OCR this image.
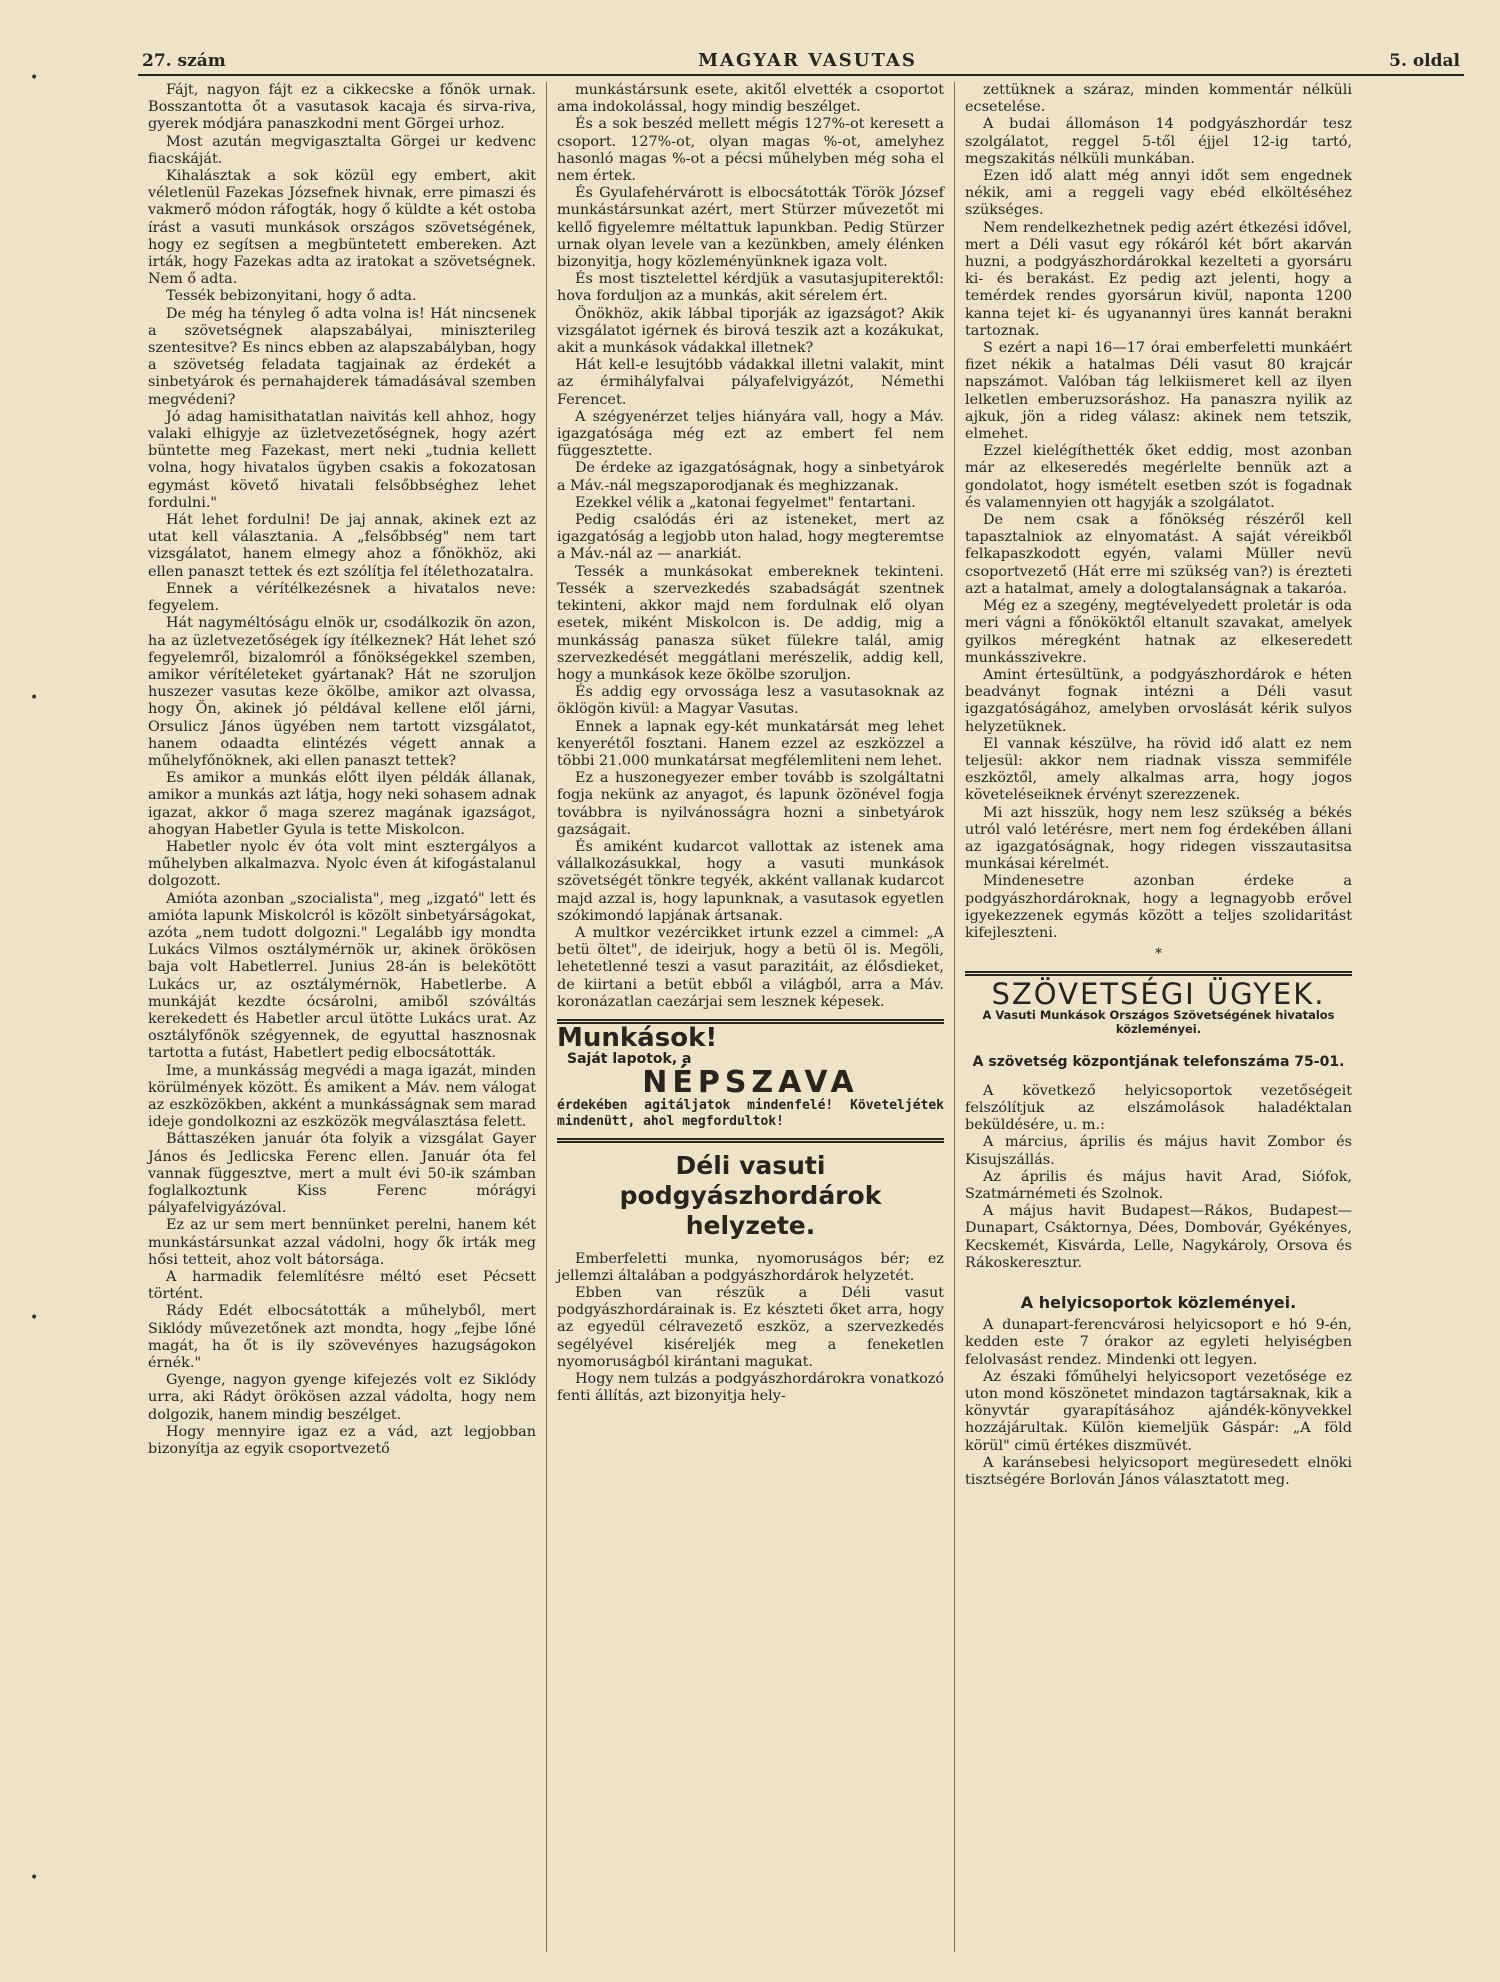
•
•
•
•
27. szám	MAGYAR VASUTAS	5. oldal

Fájt, nagyon fájt ez a cikkecske a főnök urnak. Bosszantotta őt a vasutasok kacaja és sirva-riva, gyerek módjára panaszkodni ment Görgei urhoz.

Most azután megvigasztalta Görgei ur kedvenc fiacskáját.

Kihalásztak a sok közül egy embert, akit véletlenül Fazekas Józsefnek hivnak, erre pimaszi és vakmerő módon ráfogták, hogy ő küldte a két ostoba írást a vasuti munkások országos szövetségének, hogy ez segítsen a megbüntetett embereken. Azt irták, hogy Fazekas adta az iratokat a szövetségnek. Nem ő adta.

Tessék bebizonyitani, hogy ő adta.

De még ha tényleg ő adta volna is! Hát nincsenek a szövetségnek alapszabályai, miniszterileg szentesitve? Es nincs ebben az alapszabályban, hogy a szövetség feladata tagjainak az érdekét a sinbetyárok és pernahajderek támadásával szemben megvédeni?

Jó adag hamisithatatlan naivitás kell ahhoz, hogy valaki elhigyje az üzletvezetőségnek, hogy azért büntette meg Fazekast, mert neki „tudnia kellett volna, hogy hivatalos ügyben csakis a fokozatosan egymást követő hivatali felsőbbséghez lehet fordulni."

Hát lehet fordulni! De jaj annak, akinek ezt az utat kell választania. A „felsőbbség" nem tart vizsgálatot, hanem elmegy ahoz a főnökhöz, aki ellen panaszt tettek és ezt szólítja fel ítélethozatalra.

Ennek a vérítélkezésnek a hivatalos neve: fegyelem.

Hát nagyméltóságu elnök ur, csodálkozik ön azon, ha az üzletvezetőségek így ítélkeznek? Hát lehet szó fegyelemről, bizalomról a főnökségekkel szemben, amikor vérítéleteket gyártanak? Hát ne szoruljon huszezer vasutas keze ökölbe, amikor azt olvassa, hogy Ön, akinek jó példával kellene elől járni, Orsulicz János ügyében nem tartott vizsgálatot, hanem odaadta elintézés végett annak a műhelyfőnöknek, aki ellen panaszt tettek?

Es amikor a munkás előtt ilyen példák állanak, amikor a munkás azt látja, hogy neki sohasem adnak igazat, akkor ő maga szerez magának igazságot, ahogyan Habetler Gyula is tette Miskolcon.

Habetler nyolc év óta volt mint esztergályos a műhelyben alkalmazva. Nyolc éven át kifogástalanul dolgozott.

Amióta azonban „szocialista", meg „izgató" lett és amióta lapunk Miskolcról is közölt sinbetyárságokat, azóta „nem tudott dolgozni." Legalább igy mondta Lukács Vilmos osztálymérnök ur, akinek örökösen baja volt Habetlerrel. Junius 28-án is belekötött Lukács ur, az osztálymérnök, Habetlerbe. A munkáját kezdte ócsárolni, amiből szóváltás kerekedett és Habetler arcul ütötte Lukács urat. Az osztályfőnök szégyennek, de egyuttal hasznosnak tartotta a futást, Habetlert pedig elbocsátották.

Ime, a munkásság megvédi a maga igazát, minden körülmények között. És amikent a Máv. nem válogat az eszközökben, akként a munkásságnak sem marad ideje gondolkozni az eszközök megválasztása felett.

Báttaszéken január óta folyik a vizsgálat Gayer János és Jedlicska Ferenc ellen. Január óta fel vannak függesztve, mert a mult évi 50-ik számban foglalkoztunk Kiss Ferenc mórágyi pályafelvigyázóval.

Ez az ur sem mert bennünket perelni, hanem két munkástársunkat azzal vádolni, hogy ők irták meg hősi tetteit, ahoz volt bátorsága.

A harmadik felemlítésre méltó eset Pécsett történt.

Rády Edét elbocsátották a műhelyből, mert Siklódy művezetőnek azt mondta, hogy „fejbe lőné magát, ha őt is ily szövevényes hazugságokon érnék."

Gyenge, nagyon gyenge kifejezés volt ez Siklódy urra, aki Rádyt örökösen azzal vádolta, hogy nem dolgozik, hanem mindig beszélget.

Hogy mennyire igaz ez a vád, azt legjobban bizonyítja az egyik csoportvezető

munkástársunk esete, akitől elvették a csoportot ama indokolással, hogy mindig beszélget.

És a sok beszéd mellett mégis 127%-ot keresett a csoport. 127%-ot, olyan magas %-ot, amelyhez hasonló magas %-ot a pécsi műhelyben még soha el nem értek.

És Gyulafehérvárott is elbocsátották Török József munkástársunkat azért, mert Stürzer művezetőt mi kellő figyelemre méltattuk lapunkban. Pedig Stürzer urnak olyan levele van a kezünkben, amely élénken bizonyitja, hogy közleményünknek igaza volt.

És most tisztelettel kérdjük a vasutasjupiterektől: hova forduljon az a munkás, akit sérelem ért.

Önökhöz, akik lábbal tiporják az igazságot? Akik vizsgálatot igérnek és birová teszik azt a kozákukat, akit a munkások vádakkal illetnek?

Hát kell-e lesujtóbb vádakkal illetni valakit, mint az érmihályfalvai pályafelvigyázót, Némethi Ferencet.

A szégyenérzet teljes hiányára vall, hogy a Máv. igazgatósága még ezt az embert fel nem függesztette.

De érdeke az igazgatóságnak, hogy a sinbetyárok a Máv.-nál megszaporodjanak és meghizzanak.

Ezekkel vélik a „katonai fegyelmet" fentartani.

Pedig csalódás éri az isteneket, mert az igazgatóság a legjobb uton halad, hogy megteremtse a Máv.-nál az — anarkiát.

Tessék a munkásokat embereknek tekinteni. Tessék a szervezkedés szabadságát szentnek tekinteni, akkor majd nem fordulnak elő olyan esetek, miként Miskolcon is. De addig, mig a munkásság panasza süket fülekre talál, amig szervezkedését meggátlani merészelik, addig kell, hogy a munkások keze ökölbe szoruljon.

És addig egy orvossága lesz a vasutasoknak az öklögön kivül: a Magyar Vasutas.

Ennek a lapnak egy-két munkatársát meg lehet kenyerétől fosztani. Hanem ezzel az eszközzel a többi 21.000 munkatársat megfélemliteni nem lehet.

Ez a huszonegyezer ember tovább is szolgáltatni fogja nekünk az anyagot, és lapunk özönével fogja továbbra is nyilvánosságra hozni a sinbetyárok gazságait.

És amiként kudarcot vallottak az istenek ama vállalkozásukkal, hogy a vasuti munkások szövetségét tönkre tegyék, akként vallanak kudarcot majd azzal is, hogy lapunknak, a vasutasok egyetlen szókimondó lapjának ártsanak.

A multkor vezércikket irtunk ezzel a cimmel: „A betü öltet", de ideirjuk, hogy a betü öl is. Megöli, lehetetlenné teszi a vasut parazitáit, az élősdieket, de kiirtani a betüt ebből a világból, arra a Máv. koronázatlan caezárjai sem lesznek képesek.

Munkások!
Saját lapotok, a
NÉPSZAVA
érdekében agitáljatok mindenfelé! Követeljétek mindenütt, ahol megfordultok!
Déli vasuti podgyászhordárok helyzete.

Emberfeletti munka, nyomoruságos bér; ez jellemzi általában a podgyászhordárok helyzetét.

Ebben van részük a Déli vasut podgyászhordárainak is. Ez készteti őket arra, hogy az egyedül célravezető eszköz, a szervezkedés segélyével kiséreljék meg a feneketlen nyomoruságból kirántani magukat.

Hogy nem tulzás a podgyászhordárokra vonatkozó fenti állítás, azt bizonyitja hely-

zettüknek a száraz, minden kommentár nélküli ecsetelése.

A budai állomáson 14 podgyászhordár tesz szolgálatot, reggel 5-től éjjel 12-ig tartó, megszakitás nélküli munkában.

Ezen idő alatt még annyi időt sem engednek nékik, ami a reggeli vagy ebéd elköltéséhez szükséges.

Nem rendelkezhetnek pedig azért étkezési idővel, mert a Déli vasut egy rókáról két bőrt akarván huzni, a podgyászhordárokkal kezelteti a gyorsáru ki- és berakást. Ez pedig azt jelenti, hogy a temérdek rendes gyorsárun kivül, naponta 1200 kanna tejet ki- és ugyanannyi üres kannát berakni tartoznak.

S ezért a napi 16—17 órai emberfeletti munkáért fizet nékik a hatalmas Déli vasut 80 krajcár napszámot. Valóban tág lelkiismeret kell az ilyen lelketlen emberuzsoráshoz. Ha panaszra nyilik az ajkuk, jön a rideg válasz: akinek nem tetszik, elmehet.

Ezzel kielégíthették őket eddig, most azonban már az elkeseredés megérlelte bennük azt a gondolatot, hogy ismételt esetben szót is fogadnak és valamennyien ott hagyják a szolgálatot.

De nem csak a főnökség részéről kell tapasztalniok az elnyomatást. A saját véreikből felkapaszkodott egyén, valami Müller nevü csoportvezető (Hát erre mi szükség van?) is érezteti azt a hatalmat, amely a dologtalanságnak a takaróa.

Még ez a szegény, megtévelyedett proletár is oda meri vágni a főnököktől eltanult szavakat, amelyek gyilkos méregként hatnak az elkeseredett munkásszivekre.

Amint értesültünk, a podgyászhordárok e héten beadványt fognak intézni a Déli vasut igazgatóságához, amelyben orvoslását kérik sulyos helyzetüknek.

El vannak készülve, ha rövid idő alatt ez nem teljesül: akkor nem riadnak vissza semmiféle eszköztől, amely alkalmas arra, hogy jogos követeléseiknek érvényt szerezzenek.

Mi azt hisszük, hogy nem lesz szükség a békés utról való letérésre, mert nem fog érdekében állani az igazgatóságnak, hogy ridegen visszautasitsa munkásai kérelmét.

Mindenesetre azonban érdeke a podgyászhordároknak, hogy a legnagyobb erővel igyekezzenek egymás között a teljes szolidaritást kifejleszteni.

*
SZÖVETSÉGI ÜGYEK.
A Vasuti Munkások Országos Szövetségének hivatalos közleményei.
A szövetség központjának telefonszáma 75-01.

A következő helyicsoportok vezetőségeit felszólítjuk az elszámolások haladéktalan beküldésére, u. m.:

A március, április és május havit Zombor és Kisujszállás.

Az április és május havit Arad, Siófok, Szatmárnémeti és Szolnok.

A május havit Budapest—Rákos, Budapest—Dunapart, Csáktornya, Dées, Dombovár, Gyékényes, Kecskemét, Kisvárda, Lelle, Nagykároly, Orsova és Rákoskeresztur.

A helyicsoportok közleményei.

A dunapart-ferencvárosi helyicsoport e hó 9-én, kedden este 7 órakor az egyleti helyiségben felolvasást rendez. Mindenki ott legyen.

Az északi főműhelyi helyicsoport vezetősége ez uton mond köszönetet mindazon tagtársaknak, kik a könyvtár gyarapításához ajándék-könyvekkel hozzájárultak. Külön kiemeljük Gáspár: „A föld körül" cimü értékes diszmüvét.

A karánsebesi helyicsoport megüresedett elnöki tisztségére Borlován János választatott meg.
